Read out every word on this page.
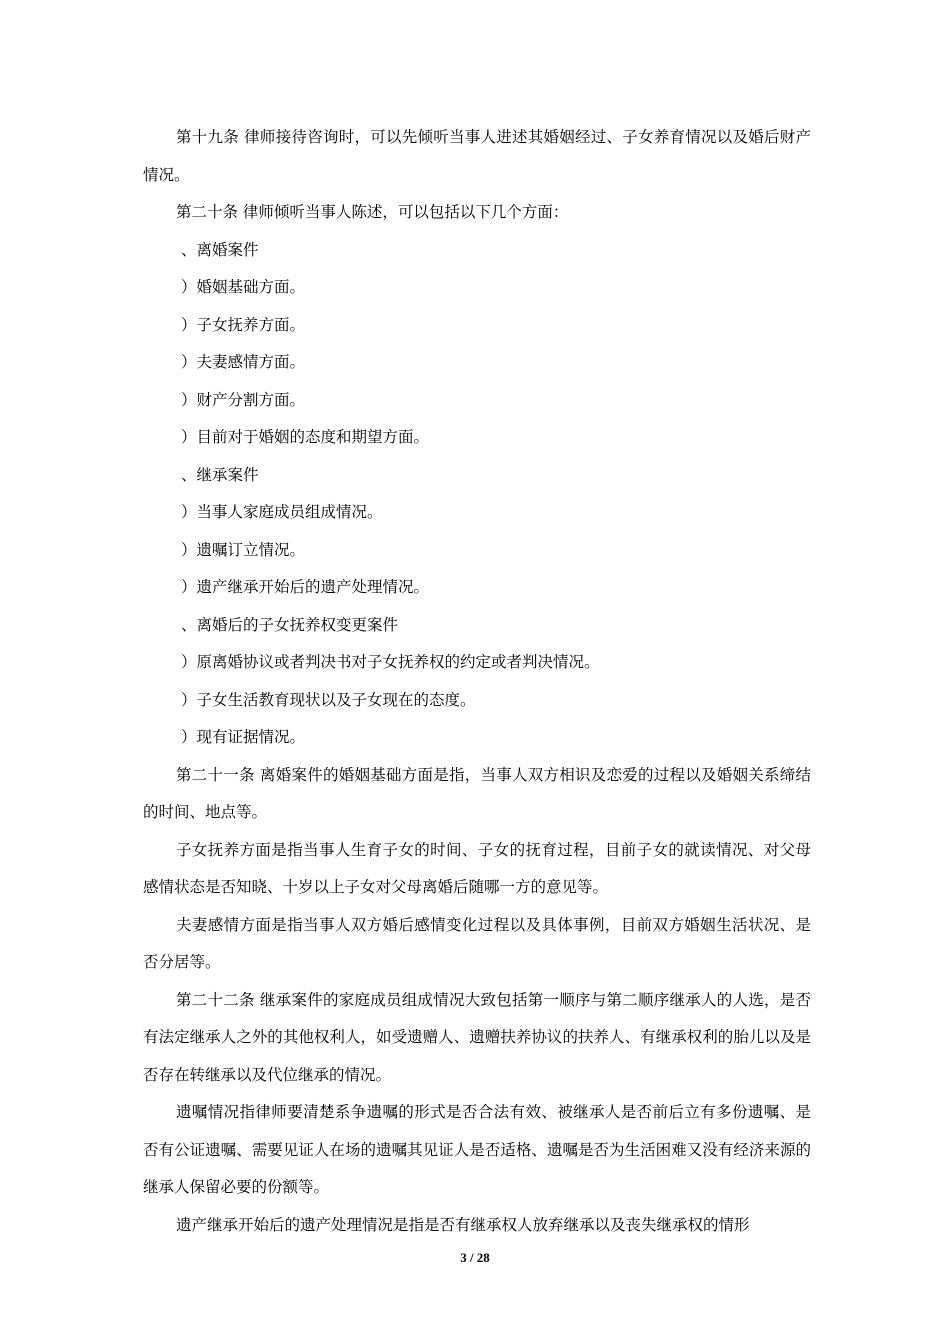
第十九条 律师接待咨询时，可以先倾听当事人进述其婚姻经过、子女养育情况以及婚后财产情况。

第二十条 律师倾听当事人陈述，可以包括以下几个方面：

、离婚案件

）婚姻基础方面。

）子女抚养方面。

）夫妻感情方面。

）财产分割方面。

）目前对于婚姻的态度和期望方面。

、继承案件

）当事人家庭成员组成情况。

）遗嘱订立情况。

）遗产继承开始后的遗产处理情况。

、离婚后的子女抚养权变更案件

）原离婚协议或者判决书对子女抚养权的约定或者判决情况。

）子女生活教育现状以及子女现在的态度。

）现有证据情况。

第二十一条 离婚案件的婚姻基础方面是指，当事人双方相识及恋爱的过程以及婚姻关系缔结的时间、地点等。

子女抚养方面是指当事人生育子女的时间、子女的抚育过程，目前子女的就读情况、对父母感情状态是否知晓、十岁以上子女对父母离婚后随哪一方的意见等。

夫妻感情方面是指当事人双方婚后感情变化过程以及具体事例，目前双方婚姻生活状况、是否分居等。

第二十二条 继承案件的家庭成员组成情况大致包括第一顺序与第二顺序继承人的人选，是否有法定继承人之外的其他权利人，如受遗赠人、遗赠扶养协议的扶养人、有继承权利的胎儿以及是否存在转继承以及代位继承的情况。

遗嘱情况指律师要清楚系争遗嘱的形式是否合法有效、被继承人是否前后立有多份遗嘱、是否有公证遗嘱、需要见证人在场的遗嘱其见证人是否适格、遗嘱是否为生活困难又没有经济来源的继承人保留必要的份额等。

遗产继承开始后的遗产处理情况是指是否有继承权人放弃继承以及丧失继承权的情形

3 / 28
